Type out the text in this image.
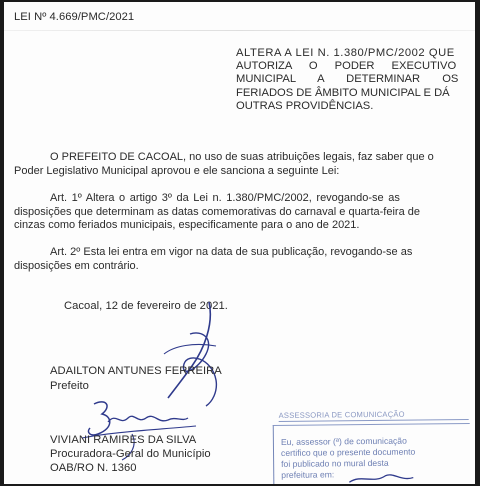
LEI Nº 4.669/PMC/2021
ALTERA A LEI N. 1.380/PMC/2002 QUE
AUTORIZA O PODER EXECUTIVO
MUNICIPAL A DETERMINAR OS
FERIADOS DE ÂMBITO MUNICIPAL E DÁ
OUTRAS PROVIDÊNCIAS.
O PREFEITO DE CACOAL, no uso de suas atribuições legais, faz saber que o
Poder Legislativo Municipal aprovou e ele sanciona a seguinte Lei:
Art. 1º Altera o artigo 3º da Lei n. 1.380/PMC/2002, revogando-se as
disposições que determinam as datas comemorativas do carnaval e quarta-feira de
cinzas como feriados municipais, especificamente para o ano de 2021.
Art. 2º Esta lei entra em vigor na data de sua publicação, revogando-se as
disposições em contrário.
Cacoal, 12 de fevereiro de 2021.
ADAILTON ANTUNES FERREIRA
Prefeito
VIVIANI RAMIRES DA SILVA
Procuradora-Geral do Município
OAB/RO N. 1360
ASSESSORIA DE COMUNICAÇÃO
Eu, assessor (ª) de comunicação
certifico que o presente documento
foi publicado no mural desta
prefeitura em:
